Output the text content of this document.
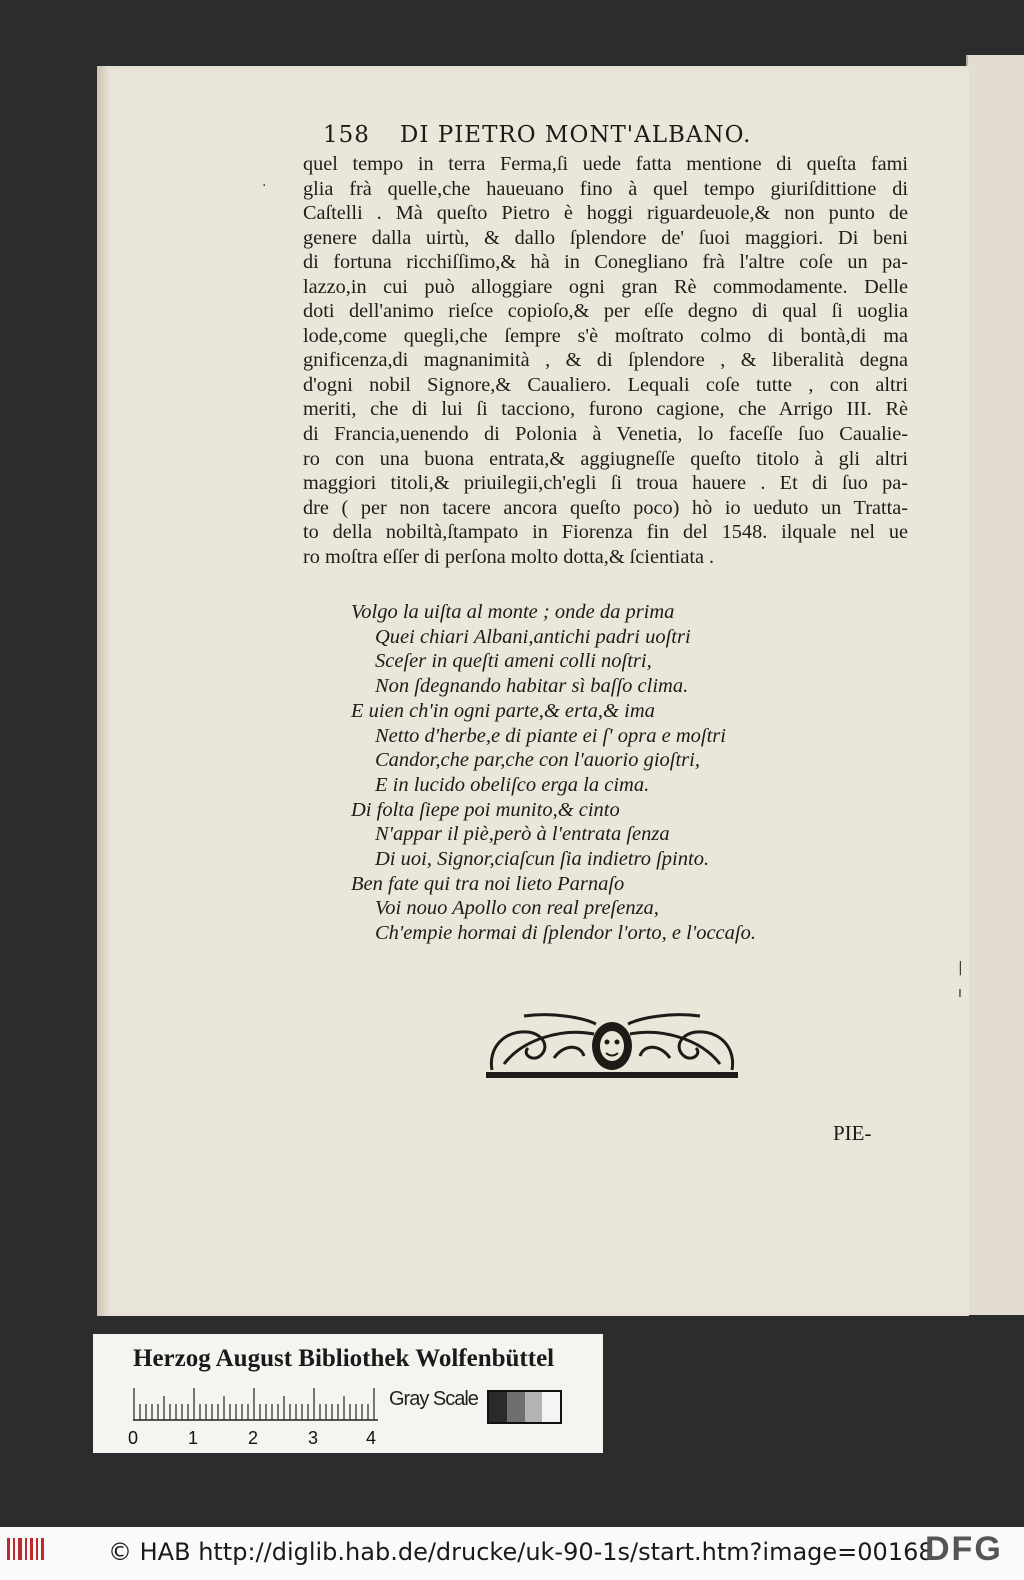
158 DI PIETRO MONT'ALBANO.
quel tempo in terra Ferma,ſi uede fatta mentione di queſta fami
glia frà quelle,che haueuano fino à quel tempo giuriſdittione di
Caſtelli . Mà queſto Pietro è hoggi riguardeuole,& non punto de
genere dalla uirtù, & dallo ſplendore de' ſuoi maggiori. Di beni
di fortuna ricchiſſimo,& hà in Conegliano frà l'altre coſe un pa-
lazzo,in cui può alloggiare ogni gran Rè commodamente. Delle
doti dell'animo rieſce copioſo,& per eſſe degno di qual ſi uoglia
lode,come quegli,che ſempre s'è moſtrato colmo di bontà,di ma
gnificenza,di magnanimità , & di ſplendore , & liberalità degna
d'ogni nobil Signore,& Caualiero. Lequali coſe tutte , con altri
meriti, che di lui ſi tacciono, furono cagione, che Arrigo III. Rè
di Francia,uenendo di Polonia à Venetia, lo faceſſe ſuo Caualie-
ro con una buona entrata,& aggiugneſſe queſto titolo à gli altri
maggiori titoli,& priuilegii,ch'egli ſi troua hauere . Et di ſuo pa-
dre ( per non tacere ancora queſto poco) hò io ueduto un Tratta-
to della nobiltà,ſtampato in Fiorenza fin del 1548. ilquale nel ue
ro moſtra eſſer di perſona molto dotta,& ſcientiata .
·
|
ı
Volgo la uiſta al monte ; onde da prima
Quei chiari Albani,antichi padri uoſtri
Sceſer in queſti ameni colli noſtri,
Non ſdegnando habitar sì baſſo clima.
E uien ch'in ogni parte,& erta,& ima
Netto d'herbe,e di piante ei ſ' opra e moſtri
Candor,che par,che con l'auorio gioſtri,
E in lucido obeliſco erga la cima.
Di folta ſiepe poi munito,& cinto
N'appar il piè,però à l'entrata ſenza
Di uoi, Signor,ciaſcun ſia indietro ſpinto.
Ben fate qui tra noi lieto Parnaſo
Voi nouo Apollo con real preſenza,
Ch'empie hormai di ſplendor l'orto, e l'occaſo.
PIE-
Herzog August Bibliothek Wolfenbüttel
0	1	2	3	4
Gray Scale
© HAB http://diglib.hab.de/drucke/uk-90-1s/start.htm?image=00168
DFG
